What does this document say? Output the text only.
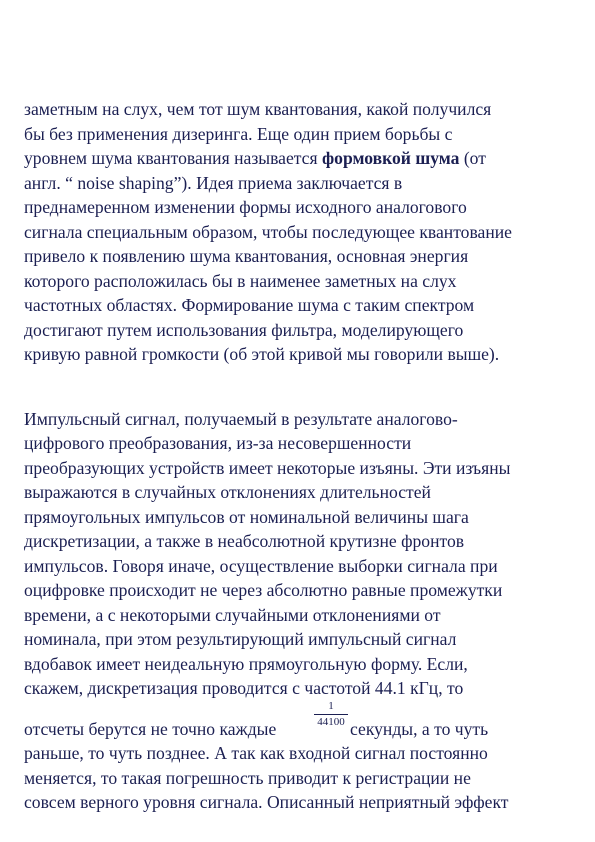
заметным на слух, чем тот шум квантования, какой получился
бы без применения дизеринга. Еще один прием борьбы с
уровнем шума квантования называется формовкой шума (от
англ. “ noise shaping”). Идея приема заключается в
преднамеренном изменении формы исходного аналогового
сигнала специальным образом, чтобы последующее квантование
привело к появлению шума квантования, основная энергия
которого расположилась бы в наименее заметных на слух
частотных областях. Формирование шума с таким спектром
достигают путем использования фильтра, моделирующего
кривую равной громкости (об этой кривой мы говорили выше).
Импульсный сигнал, получаемый в результате аналогово-
цифрового преобразования, из-за несовершенности
преобразующих устройств имеет некоторые изъяны. Эти изъяны
выражаются в случайных отклонениях длительностей
прямоугольных импульсов от номинальной величины шага
дискретизации, а также в неабсолютной крутизне фронтов
импульсов. Говоря иначе, осуществление выборки сигнала при
оцифровке происходит не через абсолютно равные промежутки
времени, а с некоторыми случайными отклонениями от
номинала, при этом результирующий импульсный сигнал
вдобавок имеет неидеальную прямоугольную форму. Если,
скажем, дискретизация проводится с частотой 44.1 кГц, то
отсчеты берутся не точно каждые
1
44100 секунды, а то чуть
раньше, то чуть позднее. А так как входной сигнал постоянно
меняется, то такая погрешность приводит к регистрации не
совсем верного уровня сигнала. Описанный неприятный эффект
